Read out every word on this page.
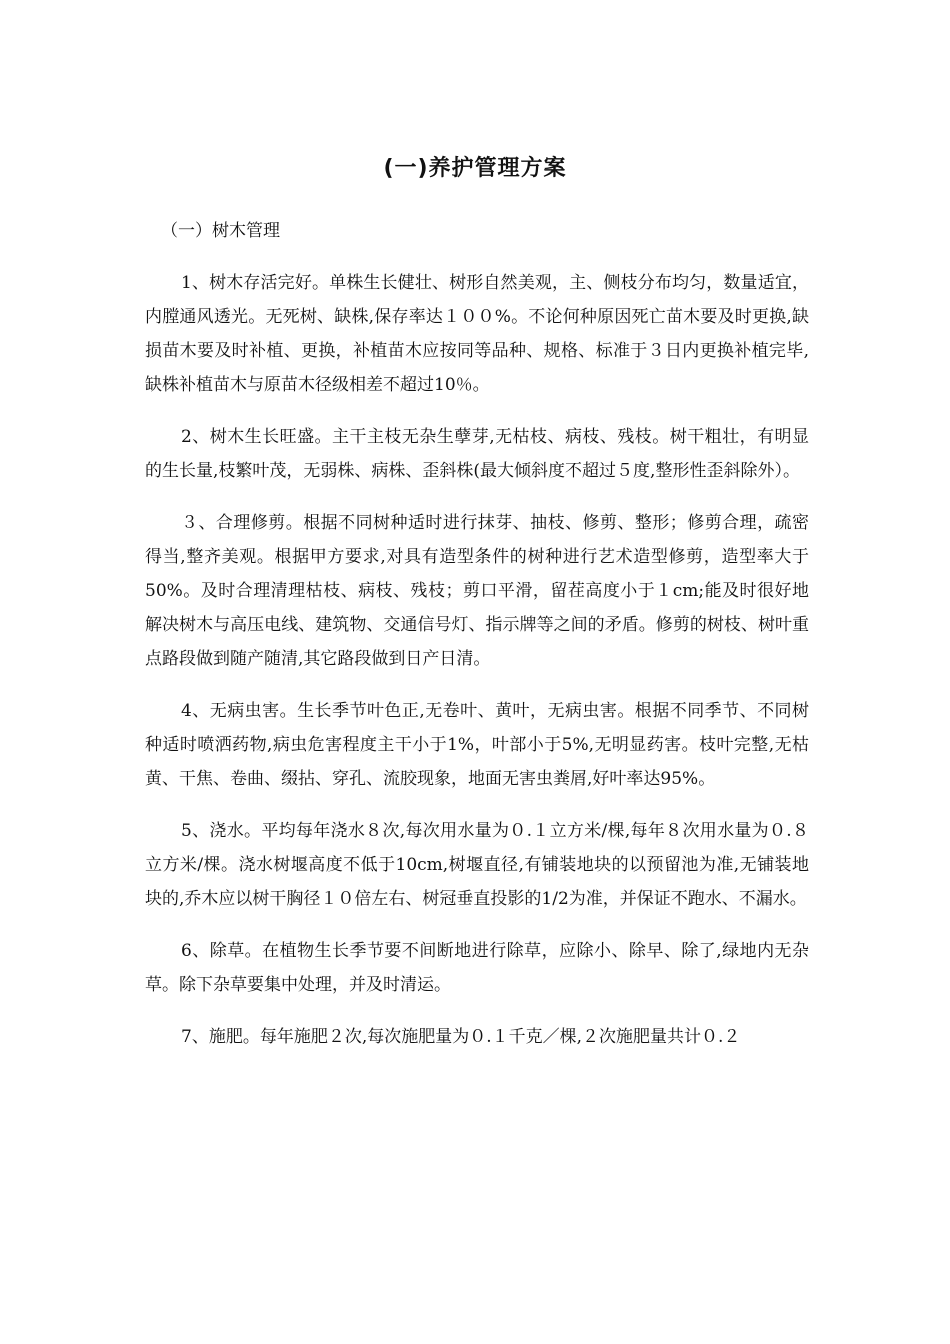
(一)养护管理方案

（一）树木管理

1、树木存活完好。单株生长健壮、树形自然美观，主、侧枝分布均匀，数量适宜，内膛通风透光。无死树、缺株,保存率达１００%。不论何种原因死亡苗木要及时更换,缺损苗木要及时补植、更换，补植苗木应按同等品种、规格、标准于３日内更换补植完毕,缺株补植苗木与原苗木径级相差不超过10％。

2、树木生长旺盛。主干主枝无杂生孽芽,无枯枝、病枝、残枝。树干粗壮，有明显的生长量,枝繁叶茂，无弱株、病株、歪斜株(最大倾斜度不超过５度,整形性歪斜除外）。

３、合理修剪。根据不同树种适时进行抹芽、抽枝、修剪、整形；修剪合理，疏密得当,整齐美观。根据甲方要求,对具有造型条件的树种进行艺术造型修剪，造型率大于50%。及时合理清理枯枝、病枝、残枝；剪口平滑，留茬高度小于１cm;能及时很好地解决树木与高压电线、建筑物、交通信号灯、指示牌等之间的矛盾。修剪的树枝、树叶重点路段做到随产随清,其它路段做到日产日清。

4、无病虫害。生长季节叶色正,无卷叶、黄叶，无病虫害。根据不同季节、不同树种适时喷洒药物,病虫危害程度主干小于1%，叶部小于5%,无明显药害。枝叶完整,无枯黄、干焦、卷曲、缀拈、穿孔、流胶现象，地面无害虫粪屑,好叶率达95%。

5、浇水。平均每年浇水８次,每次用水量为０.１立方米/棵,每年８次用水量为０.８立方米/棵。浇水树堰高度不低于10cm,树堰直径,有铺装地块的以预留池为准,无铺装地块的,乔木应以树干胸径１０倍左右、树冠垂直投影的1/2为准，并保证不跑水、不漏水。

6、除草。在植物生长季节要不间断地进行除草，应除小、除早、除了,绿地内无杂草。除下杂草要集中处理，并及时清运。

7、施肥。每年施肥２次,每次施肥量为０.１千克／棵,２次施肥量共计０.２
